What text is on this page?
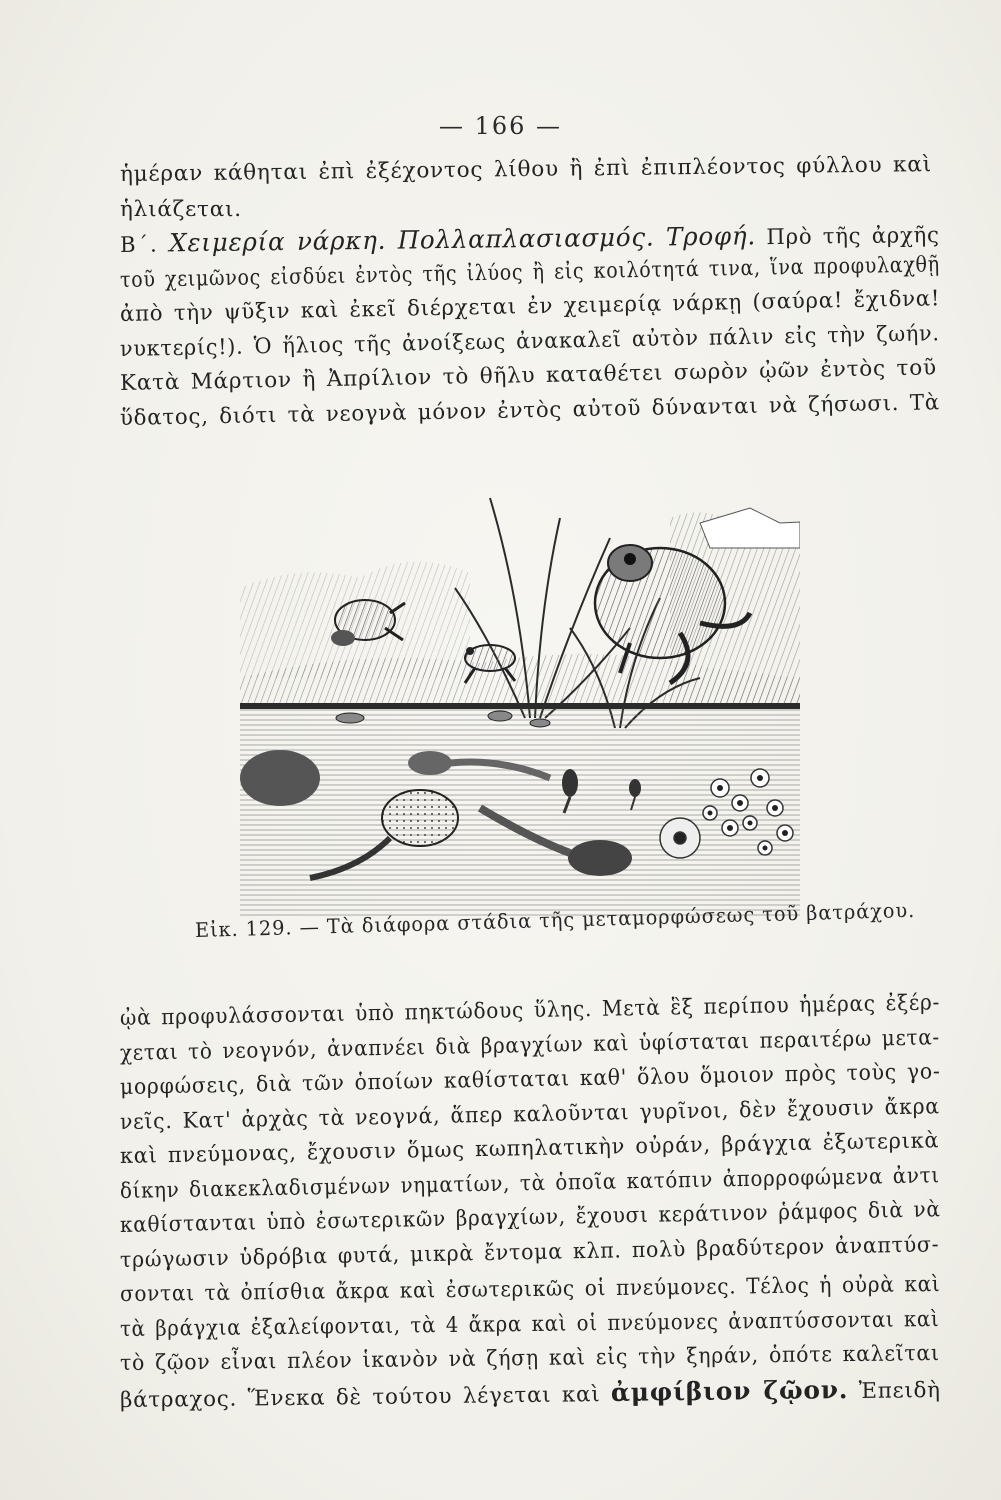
— 166 —
ἡμέραν κάθηται ἐπὶ ἐξέχοντος λίθου ἢ ἐπὶ ἐπιπλέοντος φύλλου καὶ
ἡλιάζεται.
Β΄. Χειμερία νάρκη. Πολλαπλασιασμός. Τροφή. Πρὸ τῆς ἀρχῆς
τοῦ χειμῶνος εἰσδύει ἐντὸς τῆς ἰλύος ἢ εἰς κοιλότητά τινα, ἵνα προφυλαχθῇ
ἀπὸ τὴν ψῦξιν καὶ ἐκεῖ διέρχεται ἐν χειμερίᾳ νάρκῃ (σαύρα! ἔχιδνα!
νυκτερίς!). Ὁ ἥλιος τῆς ἀνοίξεως ἀνακαλεῖ αὐτὸν πάλιν εἰς τὴν ζωήν.
Κατὰ Μάρτιον ἢ Ἀπρίλιον τὸ θῆλυ καταθέτει σωρὸν ᾠῶν ἐντὸς τοῦ
ὕδατος, διότι τὰ νεογνὰ μόνον ἐντὸς αὐτοῦ δύνανται νὰ ζήσωσι. Τὰ
Εἰκ. 129. — Τὰ διάφορα στάδια τῆς μεταμορφώσεως τοῦ βατράχου.
ᾠὰ προφυλάσσονται ὑπὸ πηκτώδους ὕλης. Μετὰ ἓξ περίπου ἡμέρας ἐξέρ-
χεται τὸ νεογνόν, ἀναπνέει διὰ βραγχίων καὶ ὑφίσταται περαιτέρω μετα-
μορφώσεις, διὰ τῶν ὁποίων καθίσταται καθ' ὅλου ὅμοιον πρὸς τοὺς γο-
νεῖς. Κατ' ἀρχὰς τὰ νεογνά, ἅπερ καλοῦνται γυρῖνοι, δὲν ἔχουσιν ἄκρα
καὶ πνεύμονας, ἔχουσιν ὅμως κωπηλατικὴν οὐράν, βράγχια ἐξωτερικὰ
δίκην διακεκλαδισμένων νηματίων, τὰ ὁποῖα κατόπιν ἀπορροφώμενα ἀντι
καθίστανται ὑπὸ ἐσωτερικῶν βραγχίων, ἔχουσι κεράτινον ῥάμφος διὰ νὰ
τρώγωσιν ὑδρόβια φυτά, μικρὰ ἔντομα κλπ. πολὺ βραδύτερον ἀναπτύσ-
σονται τὰ ὀπίσθια ἄκρα καὶ ἐσωτερικῶς οἱ πνεύμονες. Τέλος ἡ οὐρὰ καὶ
τὰ βράγχια ἐξαλείφονται, τὰ 4 ἄκρα καὶ οἱ πνεύμονες ἀναπτύσσονται καὶ
τὸ ζῷον εἶναι πλέον ἱκανὸν νὰ ζήσῃ καὶ εἰς τὴν ξηράν, ὁπότε καλεῖται
βάτραχος. Ἕνεκα δὲ τούτου λέγεται καὶ ἀμφίβιον ζῷον. Ἐπειδὴ
